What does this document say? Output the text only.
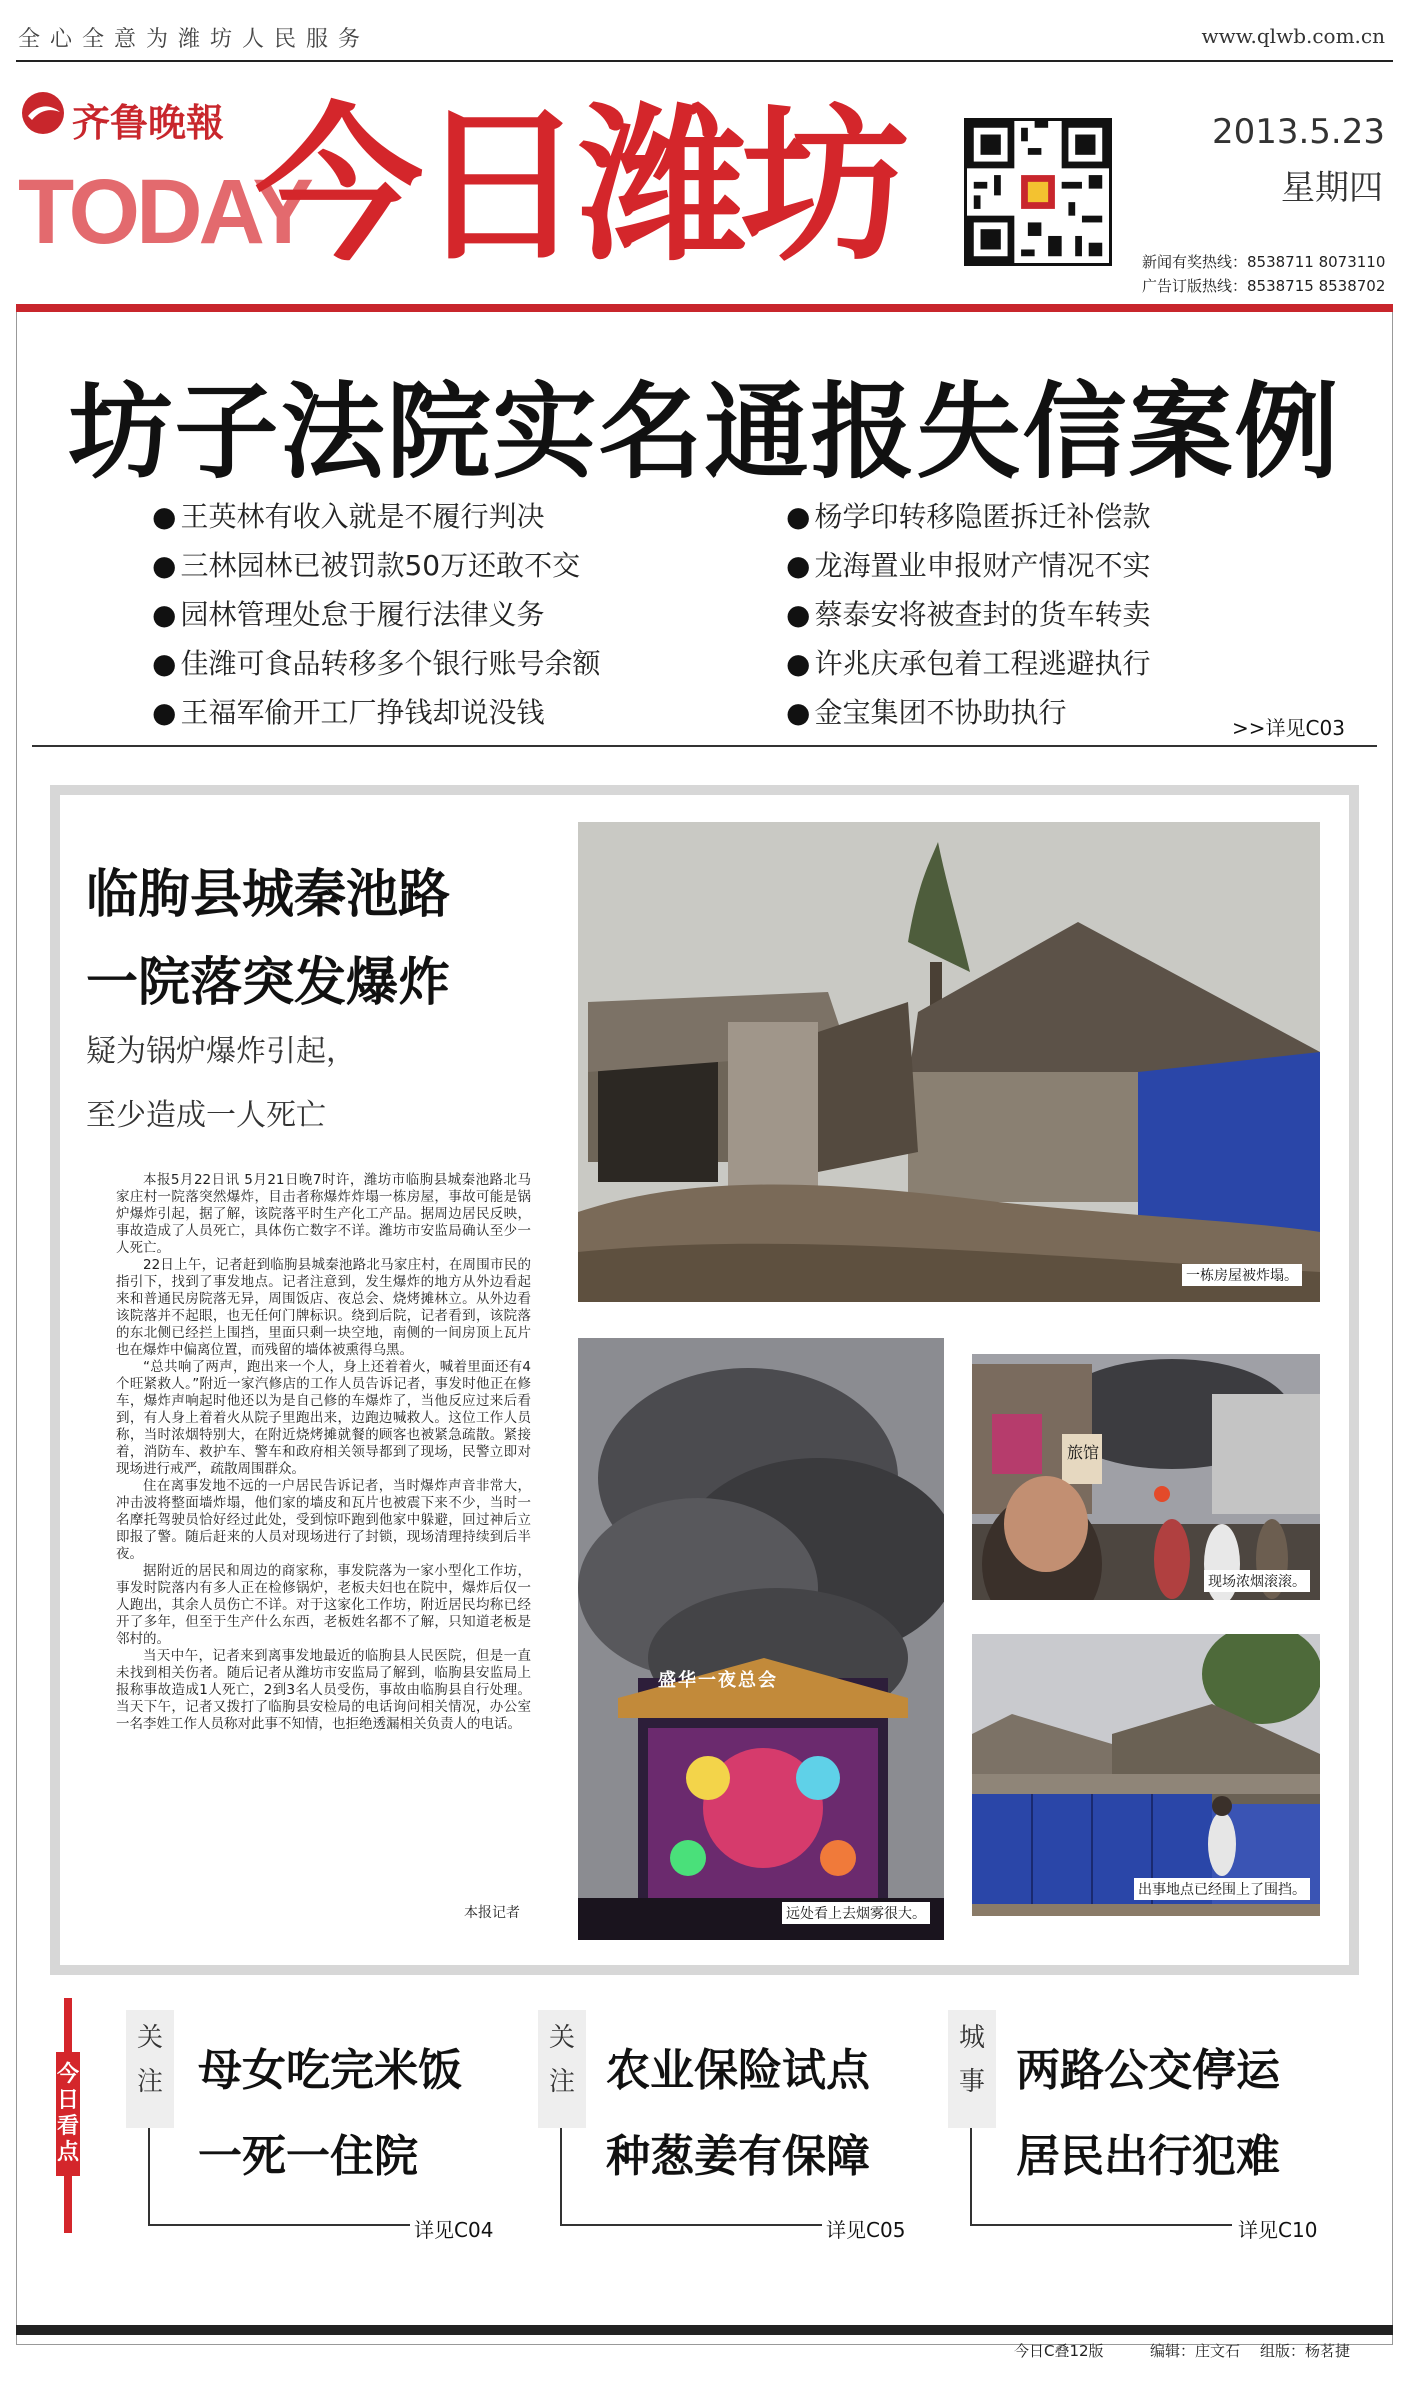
全心全意为潍坊人民服务	www.qlwb.com.cn
齐鲁晚報
TODAY
今日潍坊	2013.5.23
星期四
新闻有奖热线：8538711 8073110
广告订版热线：8538715 8538702
坊子法院实名通报失信案例
● 王英林有收入就是不履行判决
● 三林园林已被罚款50万还敢不交
● 园林管理处怠于履行法律义务
● 佳潍可食品转移多个银行账号余额
● 王福军偷开工厂挣钱却说没钱
● 杨学印转移隐匿拆迁补偿款
● 龙海置业申报财产情况不实
● 蔡泰安将被查封的货车转卖
● 许兆庆承包着工程逃避执行
● 金宝集团不协助执行	>>详见C03
临朐县城秦池路
一院落突发爆炸
疑为锅炉爆炸引起，
至少造成一人死亡

本报5月22日讯 5月21日晚7时许，潍坊市临朐县城秦池路北马家庄村一院落突然爆炸，目击者称爆炸炸塌一栋房屋，事故可能是锅炉爆炸引起，据了解，该院落平时生产化工产品。据周边居民反映，事故造成了人员死亡，具体伤亡数字不详。潍坊市安监局确认至少一人死亡。

22日上午，记者赶到临朐县城秦池路北马家庄村，在周围市民的指引下，找到了事发地点。记者注意到，发生爆炸的地方从外边看起来和普通民房院落无异，周围饭店、夜总会、烧烤摊林立。从外边看该院落并不起眼，也无任何门牌标识。绕到后院，记者看到，该院落的东北侧已经拦上围挡，里面只剩一块空地，南侧的一间房顶上瓦片也在爆炸中偏离位置，而残留的墙体被熏得乌黑。

“总共响了两声，跑出来一个人，身上还着着火，喊着里面还有4个旺紧救人。”附近一家汽修店的工作人员告诉记者，事发时他正在修车，爆炸声响起时他还以为是自己修的车爆炸了，当他反应过来后看到，有人身上着着火从院子里跑出来，边跑边喊救人。这位工作人员称，当时浓烟特别大，在附近烧烤摊就餐的顾客也被紧急疏散。紧接着，消防车、救护车、警车和政府相关领导都到了现场，民警立即对现场进行戒严，疏散周围群众。

住在离事发地不远的一户居民告诉记者，当时爆炸声音非常大，冲击波将整面墙炸塌，他们家的墙皮和瓦片也被震下来不少，当时一名摩托驾驶员恰好经过此处，受到惊吓跑到他家中躲避，回过神后立即报了警。随后赶来的人员对现场进行了封锁，现场清理持续到后半夜。

据附近的居民和周边的商家称，事发院落为一家小型化工作坊，事发时院落内有多人正在检修锅炉，老板夫妇也在院中，爆炸后仅一人跑出，其余人员伤亡不详。对于这家化工作坊，附近居民均称已经开了多年，但至于生产什么东西，老板姓名都不了解，只知道老板是邻村的。

当天中午，记者来到离事发地最近的临朐县人民医院，但是一直未找到相关伤者。随后记者从潍坊市安监局了解到，临朐县安监局上报称事故造成1人死亡，2到3名人员受伤，事故由临朐县自行处理。当天下午，记者又拨打了临朐县安检局的电话询问相关情况，办公室一名李姓工作人员称对此事不知情，也拒绝透漏相关负责人的电话。

本报记者
一栋房屋被炸塌。
盛华一夜总会
远处看上去烟雾很大。
旅馆
现场浓烟滚滚。
出事地点已经围上了围挡。
今日看点
关注 母女吃完米饭
一死一住院
详见C04
关注 农业保险试点
种葱姜有保障
详见C05
城事 两路公交停运
居民出行犯难
详见C10
今日C叠12版	编辑：庄文石 组版：杨茗捷
